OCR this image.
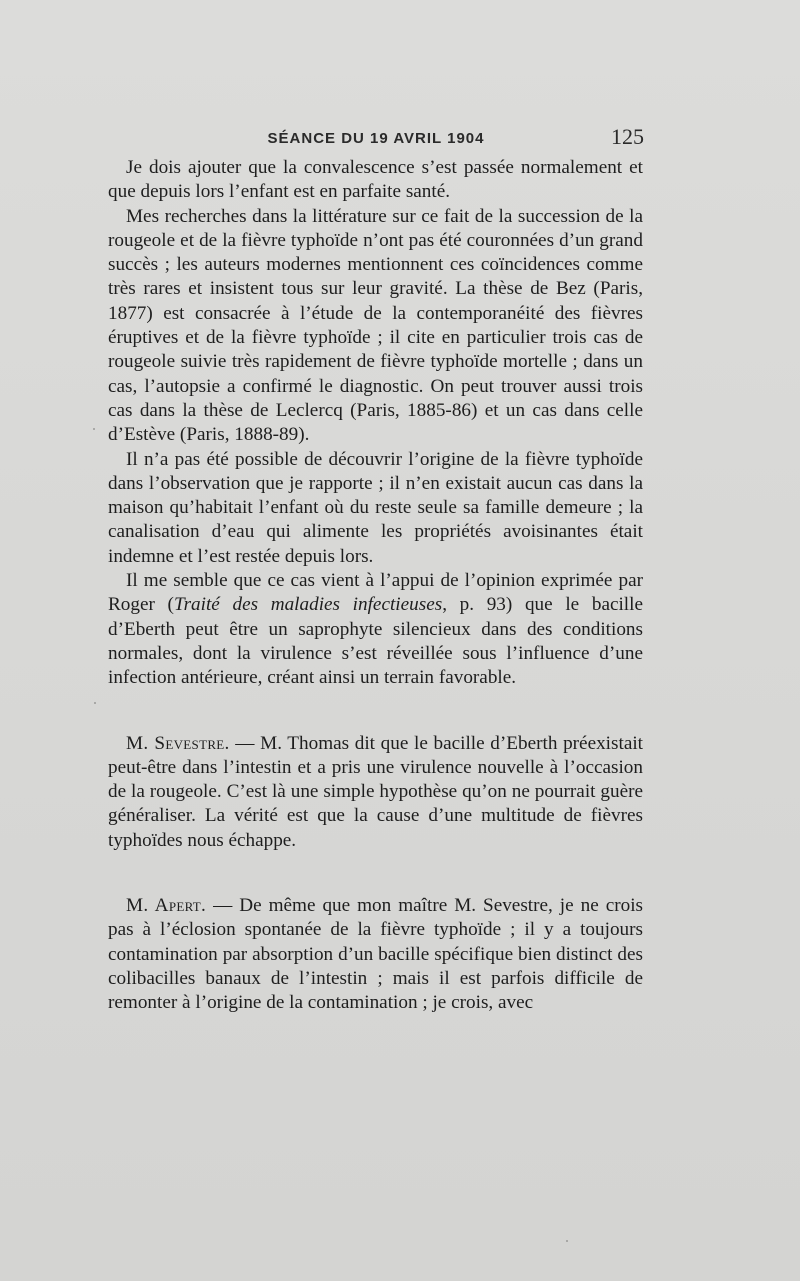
SÉANCE DU 19 AVRIL 1904	125

Je dois ajouter que la convalescence s’est passée normalement et que depuis lors l’enfant est en parfaite santé.

Mes recherches dans la littérature sur ce fait de la succession de la rougeole et de la fièvre typhoïde n’ont pas été couronnées d’un grand succès ; les auteurs modernes mentionnent ces coïncidences comme très rares et insistent tous sur leur gravité. La thèse de Bez (Paris, 1877) est consacrée à l’étude de la contemporanéité des fièvres éruptives et de la fièvre typhoïde ; il cite en particulier trois cas de rougeole suivie très rapidement de fièvre typhoïde mortelle ; dans un cas, l’autopsie a confirmé le diagnostic. On peut trouver aussi trois cas dans la thèse de Leclercq (Paris, 1885-86) et un cas dans celle d’Estève (Paris, 1888-89).

Il n’a pas été possible de découvrir l’origine de la fièvre typhoïde dans l’observation que je rapporte ; il n’en existait aucun cas dans la maison qu’habitait l’enfant où du reste seule sa famille demeure ; la canalisation d’eau qui alimente les propriétés avoisinantes était indemne et l’est restée depuis lors.

Il me semble que ce cas vient à l’appui de l’opinion exprimée par Roger (Traité des maladies infectieuses, p. 93) que le bacille d’Eberth peut être un saprophyte silencieux dans des conditions normales, dont la virulence s’est réveillée sous l’influence d’une infection antérieure, créant ainsi un terrain favorable.

M. Sevestre. — M. Thomas dit que le bacille d’Eberth préexistait peut-être dans l’intestin et a pris une virulence nouvelle à l’occasion de la rougeole. C’est là une simple hypothèse qu’on ne pourrait guère généraliser. La vérité est que la cause d’une multitude de fièvres typhoïdes nous échappe.

M. Apert. — De même que mon maître M. Sevestre, je ne crois pas à l’éclosion spontanée de la fièvre typhoïde ; il y a toujours contamination par absorption d’un bacille spécifique bien distinct des colibacilles banaux de l’intestin ; mais il est parfois difficile de remonter à l’origine de la contamination ; je crois, avec
